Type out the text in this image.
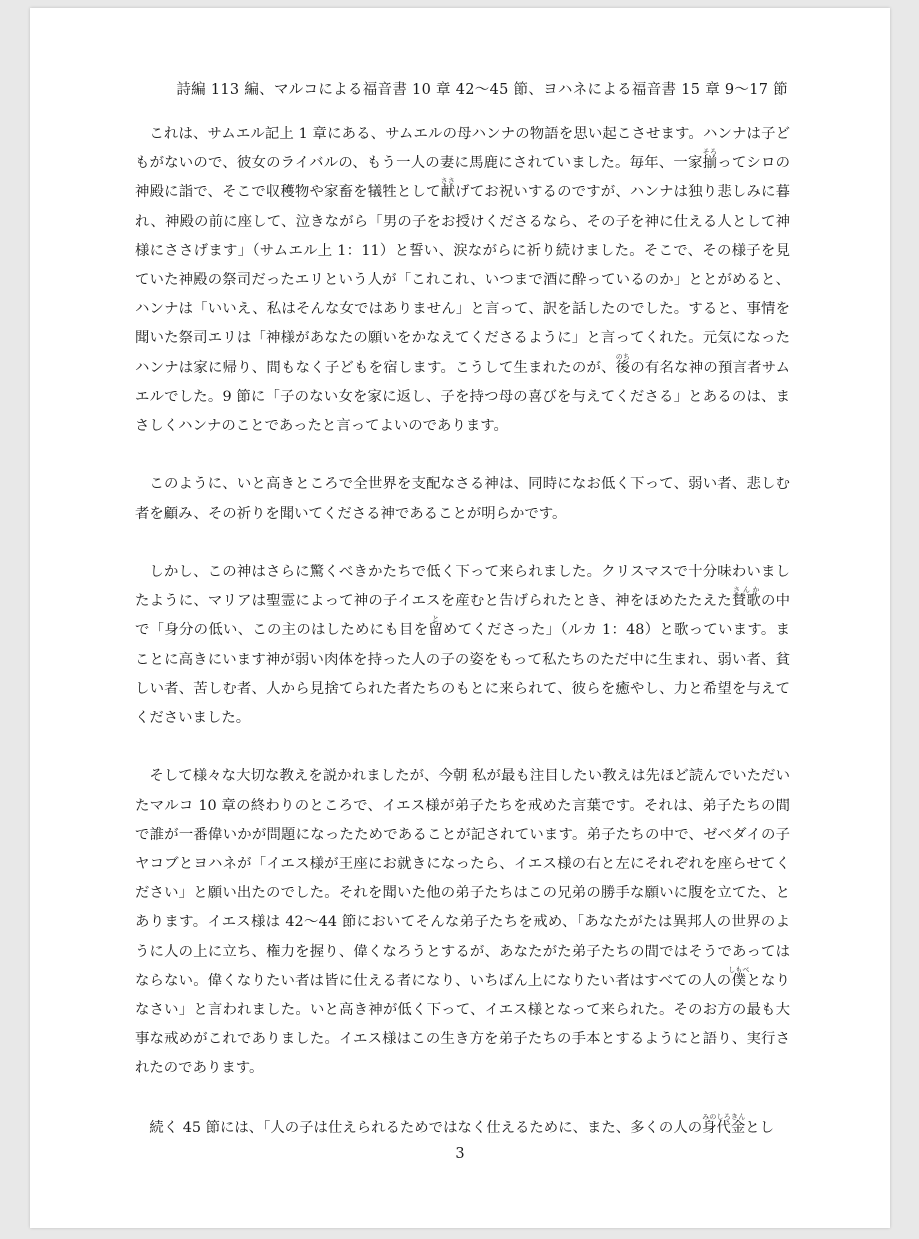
詩編 113 編、マルコによる福音書 10 章 42〜45 節、ヨハネによる福音書 15 章 9〜17 節

これは、サムエル記上 1 章にある、サムエルの母ハンナの物語を思い起こさせます。ハンナは子どもがないので、彼女のライバルの、もう一人の妻に馬鹿にされていました。毎年、一家揃そろってシロの神殿に詣で、そこで収穫物や家畜を犠牲として献ささげてお祝いするのですが、ハンナは独り悲しみに暮れ、神殿の前に座して、泣きながら「男の子をお授けくださるなら、その子を神に仕える人として神様にささげます」（サムエル上 1：11）と誓い、涙ながらに祈り続けました。そこで、その様子を見ていた神殿の祭司だったエリという人が「これこれ、いつまで酒に酔っているのか」ととがめると、ハンナは「いいえ、私はそんな女ではありません」と言って、訳を話したのでした。すると、事情を聞いた祭司エリは「神様があなたの願いをかなえてくださるように」と言ってくれた。元気になったハンナは家に帰り、間もなく子どもを宿します。こうして生まれたのが、後のちの有名な神の預言者サムエルでした。9 節に「子のない女を家に返し、子を持つ母の喜びを与えてくださる」とあるのは、まさしくハンナのことであったと言ってよいのであります。

このように、いと高きところで全世界を支配なさる神は、同時になお低く下って、弱い者、悲しむ者を顧み、その祈りを聞いてくださる神であることが明らかです。

しかし、この神はさらに驚くべきかたちで低く下って来られました。クリスマスで十分味わいましたように、マリアは聖霊によって神の子イエスを産むと告げられたとき、神をほめたたえた賛歌さんかの中で「身分の低い、この主のはしためにも目を留とめてくださった」（ルカ 1：48）と歌っています。まことに高きにいます神が弱い肉体を持った人の子の姿をもって私たちのただ中に生まれ、弱い者、貧しい者、苦しむ者、人から見捨てられた者たちのもとに来られて、彼らを癒やし、力と希望を与えてくださいました。

そして様々な大切な教えを説かれましたが、今朝 私が最も注目したい教えは先ほど読んでいただいたマルコ 10 章の終わりのところで、イエス様が弟子たちを戒めた言葉です。それは、弟子たちの間で誰が一番偉いかが問題になったためであることが記されています。弟子たちの中で、ゼベダイの子ヤコブとヨハネが「イエス様が王座にお就きになったら、イエス様の右と左にそれぞれを座らせてください」と願い出たのでした。それを聞いた他の弟子たちはこの兄弟の勝手な願いに腹を立てた、とあります。イエス様は 42〜44 節においてそんな弟子たちを戒め、「あなたがたは異邦人の世界のように人の上に立ち、権力を握り、偉くなろうとするが、あなたがた弟子たちの間ではそうであってはならない。偉くなりたい者は皆に仕える者になり、いちばん上になりたい者はすべての人の僕しもべとなりなさい」と言われました。いと高き神が低く下って、イエス様となって来られた。そのお方の最も大事な戒めがこれでありました。イエス様はこの生き方を弟子たちの手本とするようにと語り、実行されたのであります。

続く 45 節には、「人の子は仕えられるためではなく仕えるために、また、多くの人の身代金みのしろきんとし

3
